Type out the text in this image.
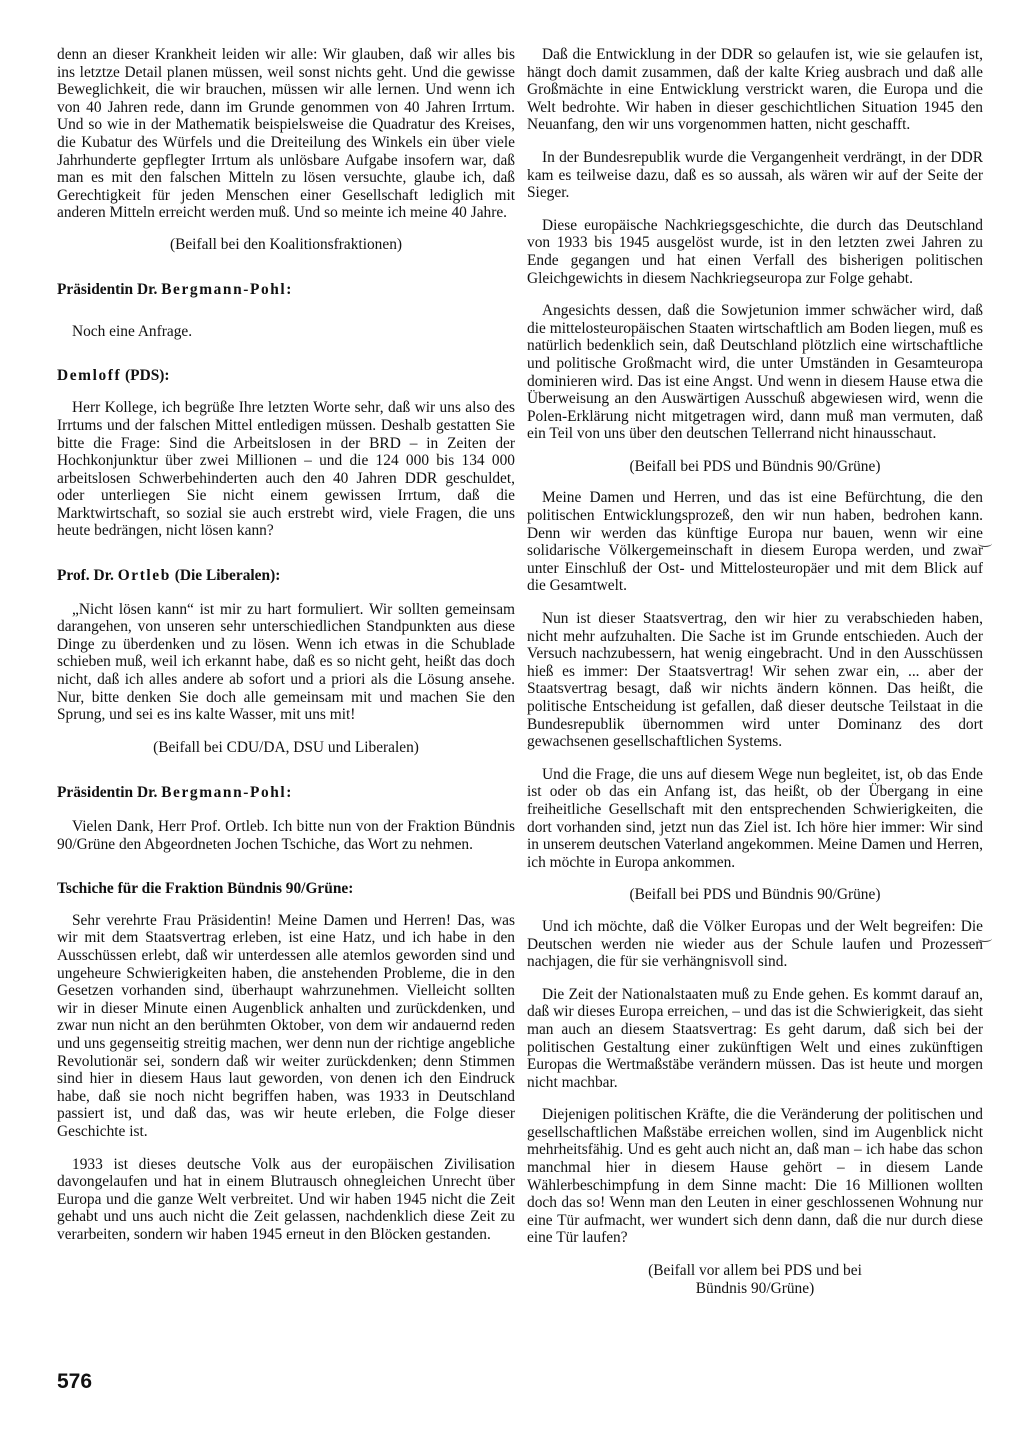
denn an dieser Krankheit leiden wir alle: Wir glauben, daß wir alles bis ins letztze Detail planen müssen, weil sonst nichts geht. Und die gewisse Beweglichkeit, die wir brauchen, müssen wir alle lernen. Und wenn ich von 40 Jahren rede, dann im Grunde genommen von 40 Jahren Irrtum. Und so wie in der Mathematik beispielsweise die Quadratur des Kreises, die Kubatur des Würfels und die Dreiteilung des Winkels ein über viele Jahrhunderte gepflegter Irrtum als unlösbare Aufgabe insofern war, daß man es mit den falschen Mitteln zu lösen versuchte, glaube ich, daß Gerechtigkeit für jeden Menschen einer Gesellschaft lediglich mit anderen Mitteln erreicht werden muß. Und so meinte ich meine 40 Jahre.

(Beifall bei den Koalitionsfraktionen)

Präsidentin Dr. Bergmann-Pohl:

Noch eine Anfrage.

Demloff (PDS):

Herr Kollege, ich begrüße Ihre letzten Worte sehr, daß wir uns also des Irrtums und der falschen Mittel entledigen müssen. Deshalb gestatten Sie bitte die Frage: Sind die Arbeitslosen in der BRD – in Zeiten der Hochkonjunktur über zwei Millionen – und die 124 000 bis 134 000 arbeitslosen Schwerbehinderten auch den 40 Jahren DDR geschuldet, oder unterliegen Sie nicht einem gewissen Irrtum, daß die Marktwirtschaft, so sozial sie auch erstrebt wird, viele Fragen, die uns heute bedrängen, nicht lösen kann?

Prof. Dr. Ortleb (Die Liberalen):

„Nicht lösen kann“ ist mir zu hart formuliert. Wir sollten gemeinsam darangehen, von unseren sehr unterschiedlichen Standpunkten aus diese Dinge zu überdenken und zu lösen. Wenn ich etwas in die Schublade schieben muß, weil ich erkannt habe, daß es so nicht geht, heißt das doch nicht, daß ich alles andere ab sofort und a priori als die Lösung ansehe. Nur, bitte denken Sie doch alle gemeinsam mit und machen Sie den Sprung, und sei es ins kalte Wasser, mit uns mit!

(Beifall bei CDU/DA, DSU und Liberalen)

Präsidentin Dr. Bergmann-Pohl:

Vielen Dank, Herr Prof. Ortleb. Ich bitte nun von der Fraktion Bündnis 90/Grüne den Abgeordneten Jochen Tschiche, das Wort zu nehmen.

Tschiche für die Fraktion Bündnis 90/Grüne:

Sehr verehrte Frau Präsidentin! Meine Damen und Herren! Das, was wir mit dem Staatsvertrag erleben, ist eine Hatz, und ich habe in den Ausschüssen erlebt, daß wir unterdessen alle atemlos geworden sind und ungeheure Schwierigkeiten haben, die anstehenden Probleme, die in den Gesetzen vorhanden sind, überhaupt wahrzunehmen. Vielleicht sollten wir in dieser Minute einen Augenblick anhalten und zurückdenken, und zwar nun nicht an den berühmten Oktober, von dem wir andauernd reden und uns gegenseitig streitig machen, wer denn nun der richtige angebliche Revolutionär sei, sondern daß wir weiter zurückdenken; denn Stimmen sind hier in diesem Haus laut geworden, von denen ich den Eindruck habe, daß sie noch nicht begriffen haben, was 1933 in Deutschland passiert ist, und daß das, was wir heute erleben, die Folge dieser Geschichte ist.

1933 ist dieses deutsche Volk aus der europäischen Zivilisation davongelaufen und hat in einem Blutrausch ohnegleichen Unrecht über Europa und die ganze Welt verbreitet. Und wir haben 1945 nicht die Zeit gehabt und uns auch nicht die Zeit gelassen, nachdenklich diese Zeit zu verarbeiten, sondern wir haben 1945 erneut in den Blöcken gestanden.

Daß die Entwicklung in der DDR so gelaufen ist, wie sie gelaufen ist, hängt doch damit zusammen, daß der kalte Krieg ausbrach und daß alle Großmächte in eine Entwicklung verstrickt waren, die Europa und die Welt bedrohte. Wir haben in dieser geschichtlichen Situation 1945 den Neuanfang, den wir uns vorgenommen hatten, nicht geschafft.

In der Bundesrepublik wurde die Vergangenheit verdrängt, in der DDR kam es teilweise dazu, daß es so aussah, als wären wir auf der Seite der Sieger.

Diese europäische Nachkriegsgeschichte, die durch das Deutschland von 1933 bis 1945 ausgelöst wurde, ist in den letzten zwei Jahren zu Ende gegangen und hat einen Verfall des bisherigen politischen Gleichgewichts in diesem Nachkriegseuropa zur Folge gehabt.

Angesichts dessen, daß die Sowjetunion immer schwächer wird, daß die mittelosteuropäischen Staaten wirtschaftlich am Boden liegen, muß es natürlich bedenklich sein, daß Deutschland plötzlich eine wirtschaftliche und politische Großmacht wird, die unter Umständen in Gesamteuropa dominieren wird. Das ist eine Angst. Und wenn in diesem Hause etwa die Überweisung an den Auswärtigen Ausschuß abgewiesen wird, wenn die Polen-Erklärung nicht mitgetragen wird, dann muß man vermuten, daß ein Teil von uns über den deutschen Tellerrand nicht hinausschaut.

(Beifall bei PDS und Bündnis 90/Grüne)

Meine Damen und Herren, und das ist eine Befürchtung, die den politischen Entwicklungsprozeß, den wir nun haben, bedrohen kann. Denn wir werden das künftige Europa nur bauen, wenn wir eine solidarische Völkergemeinschaft in diesem Europa werden, und zwar unter Einschluß der Ost- und Mittelosteuropäer und mit dem Blick auf die Gesamtwelt.

Nun ist dieser Staatsvertrag, den wir hier zu verabschieden haben, nicht mehr aufzuhalten. Die Sache ist im Grunde entschieden. Auch der Versuch nachzubessern, hat wenig eingebracht. Und in den Ausschüssen hieß es immer: Der Staatsvertrag! Wir sehen zwar ein, ... aber der Staatsvertrag besagt, daß wir nichts ändern können. Das heißt, die politische Entscheidung ist gefallen, daß dieser deutsche Teilstaat in die Bundesrepublik übernommen wird unter Dominanz des dort gewachsenen gesellschaftlichen Systems.

Und die Frage, die uns auf diesem Wege nun begleitet, ist, ob das Ende ist oder ob das ein Anfang ist, das heißt, ob der Übergang in eine freiheitliche Gesellschaft mit den entsprechenden Schwierigkeiten, die dort vorhanden sind, jetzt nun das Ziel ist. Ich höre hier immer: Wir sind in unserem deutschen Vaterland angekommen. Meine Damen und Herren, ich möchte in Europa ankommen.

(Beifall bei PDS und Bündnis 90/Grüne)

Und ich möchte, daß die Völker Europas und der Welt begreifen: Die Deutschen werden nie wieder aus der Schule laufen und Prozessen nachjagen, die für sie verhängnisvoll sind.

Die Zeit der Nationalstaaten muß zu Ende gehen. Es kommt darauf an, daß wir dieses Europa erreichen, – und das ist die Schwierigkeit, das sieht man auch an diesem Staatsvertrag: Es geht darum, daß sich bei der politischen Gestaltung einer zukünftigen Welt und eines zukünftigen Europas die Wertmaßstäbe verändern müssen. Das ist heute und morgen nicht machbar.

Diejenigen politischen Kräfte, die die Veränderung der politischen und gesellschaftlichen Maßstäbe erreichen wollen, sind im Augenblick nicht mehrheitsfähig. Und es geht auch nicht an, daß man – ich habe das schon manchmal hier in diesem Hause gehört – in diesem Lande Wählerbeschimpfung in dem Sinne macht: Die 16 Millionen wollten doch das so! Wenn man den Leuten in einer geschlossenen Wohnung nur eine Tür aufmacht, wer wundert sich denn dann, daß die nur durch diese eine Tür laufen?

(Beifall vor allem bei PDS und bei

Bündnis 90/Grüne)

576
